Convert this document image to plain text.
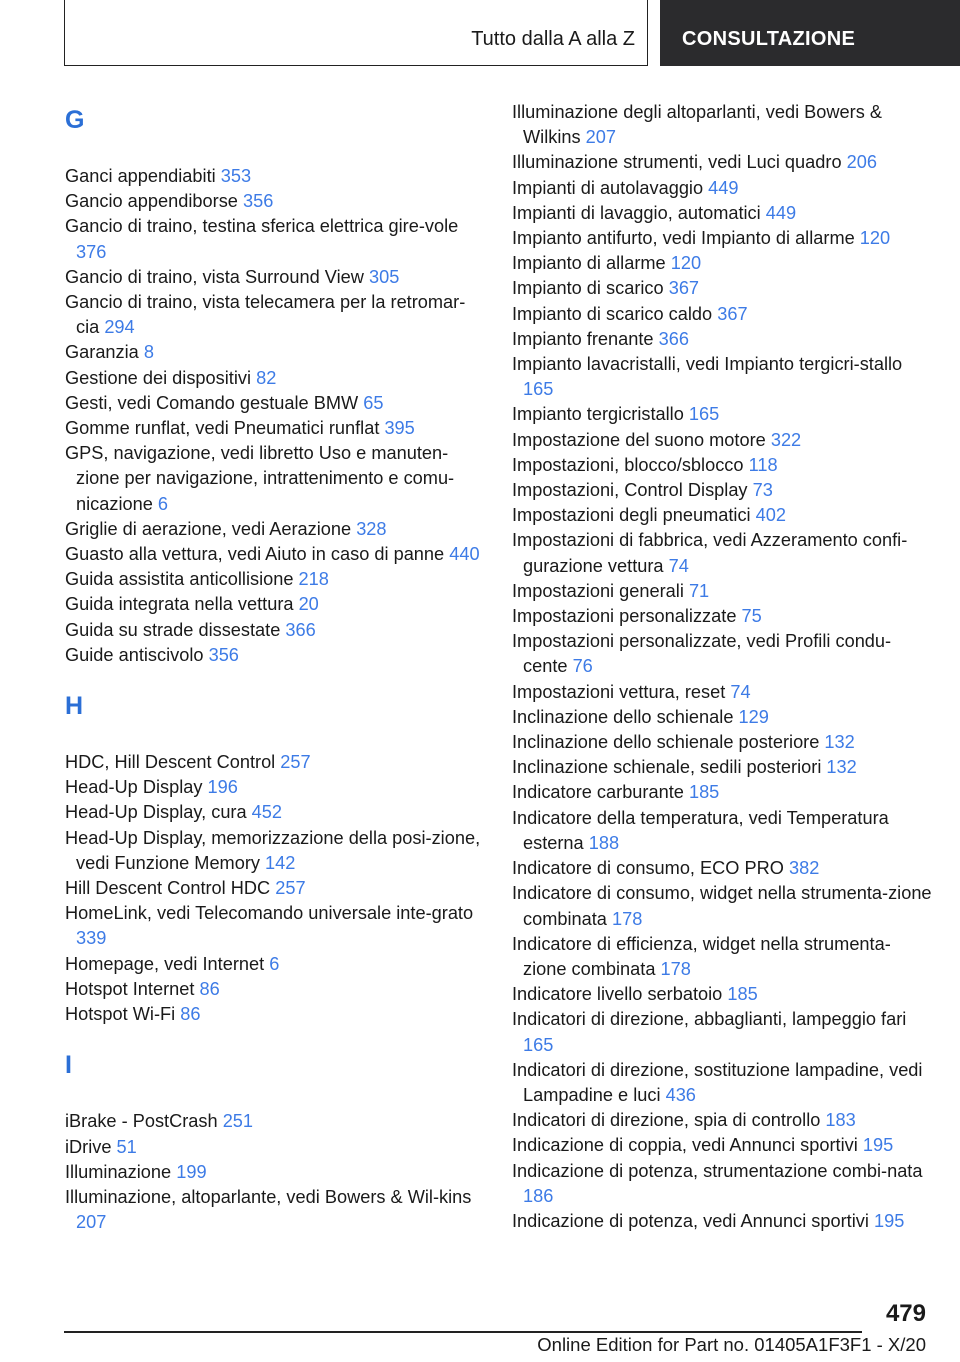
Tutto dalla A alla Z CONSULTAZIONE
G
Ganci appendiabiti 353
Gancio appendiborse 356
Gancio di traino, testina sferica elettrica gire-vole 376
Gancio di traino, vista Surround View 305
Gancio di traino, vista telecamera per la retromar-cia 294
Garanzia 8
Gestione dei dispositivi 82
Gesti, vedi Comando gestuale BMW 65
Gomme runflat, vedi Pneumatici runflat 395
GPS, navigazione, vedi libretto Uso e manuten-zione per navigazione, intrattenimento e comu-nicazione 6
Griglie di aerazione, vedi Aerazione 328
Guasto alla vettura, vedi Aiuto in caso di panne 440
Guida assistita anticollisione 218
Guida integrata nella vettura 20
Guida su strade dissestate 366
Guide antiscivolo 356
H
HDC, Hill Descent Control 257
Head-Up Display 196
Head-Up Display, cura 452
Head-Up Display, memorizzazione della posi-zione, vedi Funzione Memory 142
Hill Descent Control HDC 257
HomeLink, vedi Telecomando universale inte-grato 339
Homepage, vedi Internet 6
Hotspot Internet 86
Hotspot Wi-Fi 86
I
iBrake - PostCrash 251
iDrive 51
Illuminazione 199
Illuminazione, altoparlante, vedi Bowers & Wil-kins 207
Illuminazione degli altoparlanti, vedi Bowers & Wilkins 207
Illuminazione strumenti, vedi Luci quadro 206
Impianti di autolavaggio 449
Impianti di lavaggio, automatici 449
Impianto antifurto, vedi Impianto di allarme 120
Impianto di allarme 120
Impianto di scarico 367
Impianto di scarico caldo 367
Impianto frenante 366
Impianto lavacristalli, vedi Impianto tergicri-stallo 165
Impianto tergicristallo 165
Impostazione del suono motore 322
Impostazioni, blocco/sblocco 118
Impostazioni, Control Display 73
Impostazioni degli pneumatici 402
Impostazioni di fabbrica, vedi Azzeramento confi-gurazione vettura 74
Impostazioni generali 71
Impostazioni personalizzate 75
Impostazioni personalizzate, vedi Profili condu-cente 76
Impostazioni vettura, reset 74
Inclinazione dello schienale 129
Inclinazione dello schienale posteriore 132
Inclinazione schienale, sedili posteriori 132
Indicatore carburante 185
Indicatore della temperatura, vedi Temperatura esterna 188
Indicatore di consumo, ECO PRO 382
Indicatore di consumo, widget nella strumenta-zione combinata 178
Indicatore di efficienza, widget nella strumenta-zione combinata 178
Indicatore livello serbatoio 185
Indicatori di direzione, abbaglianti, lampeggio fari 165
Indicatori di direzione, sostituzione lampadine, vedi Lampadine e luci 436
Indicatori di direzione, spia di controllo 183
Indicazione di coppia, vedi Annunci sportivi 195
Indicazione di potenza, strumentazione combi-nata 186
Indicazione di potenza, vedi Annunci sportivi 195
479
Online Edition for Part no. 01405A1F3F1 - X/20
